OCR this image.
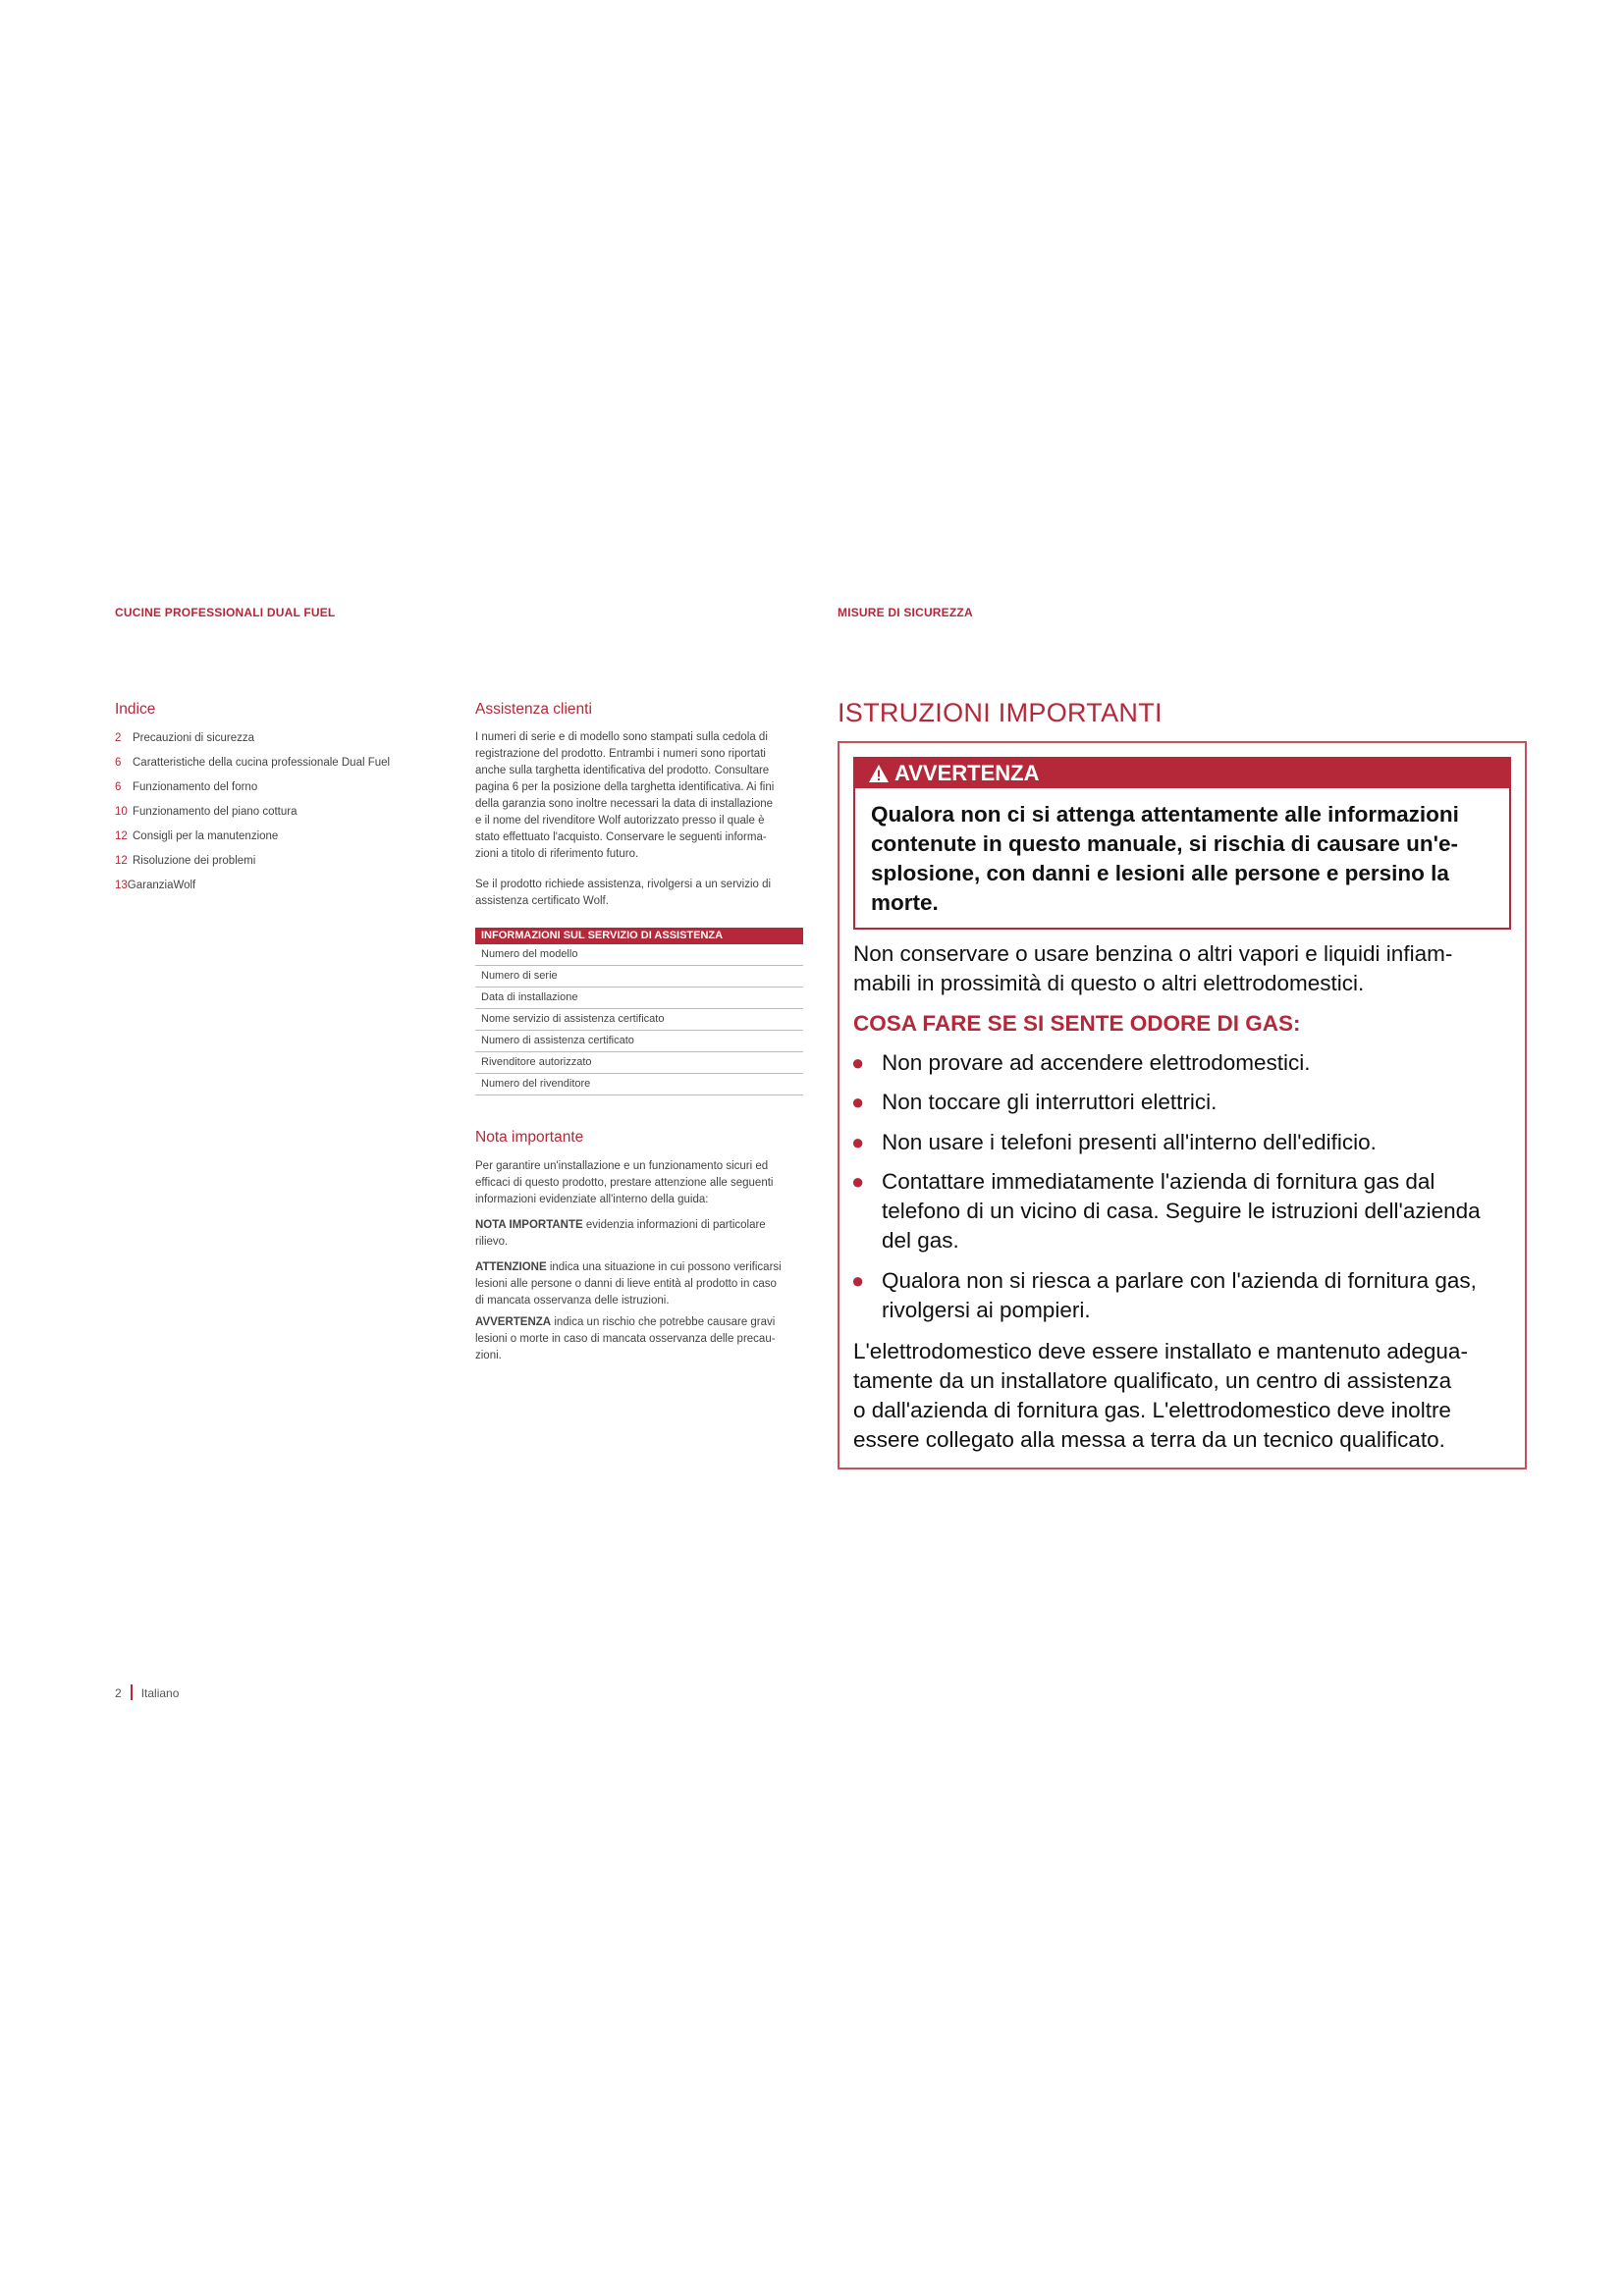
CUCINE PROFESSIONALI DUAL FUEL	MISURE DI SICUREZZA
Indice
2 Precauzioni di sicurezza
6 Caratteristiche della cucina professionale Dual Fuel
6 Funzionamento del forno
10 Funzionamento del piano cottura
12 Consigli per la manutenzione
12 Risoluzione dei problemi
13GaranziaWolf
Assistenza clienti
I numeri di serie e di modello sono stampati sulla cedola di
registrazione del prodotto. Entrambi i numeri sono riportati
anche sulla targhetta identificativa del prodotto. Consultare
pagina 6 per la posizione della targhetta identificativa. Ai fini
della garanzia sono inoltre necessari la data di installazione
e il nome del rivenditore Wolf autorizzato presso il quale è
stato effettuato l'acquisto. Conservare le seguenti informa-
zioni a titolo di riferimento futuro.
Se il prodotto richiede assistenza, rivolgersi a un servizio di
assistenza certificato Wolf.
INFORMAZIONI SUL SERVIZIO DI ASSISTENZA
Numero del modello
Numero di serie
Data di installazione
Nome servizio di assistenza certificato
Numero di assistenza certificato
Rivenditore autorizzato
Numero del rivenditore
Nota importante
Per garantire un'installazione e un funzionamento sicuri ed
efficaci di questo prodotto, prestare attenzione alle seguenti
informazioni evidenziate all'interno della guida:
NOTA IMPORTANTE evidenzia informazioni di particolare
rilievo.
ATTENZIONE indica una situazione in cui possono verificarsi
lesioni alle persone o danni di lieve entità al prodotto in caso
di mancata osservanza delle istruzioni.
AVVERTENZA indica un rischio che potrebbe causare gravi
lesioni o morte in caso di mancata osservanza delle precau-
zioni.
ISTRUZIONI IMPORTANTI
AVVERTENZA
Qualora non ci si attenga attentamente alle informazioni
contenute in questo manuale, si rischia di causare un'e-
splosione, con danni e lesioni alle persone e persino la
morte.
Non conservare o usare benzina o altri vapori e liquidi infiam-
mabili in prossimità di questo o altri elettrodomestici.
COSA FARE SE SI SENTE ODORE DI GAS:
● Non provare ad accendere elettrodomestici.
● Non toccare gli interruttori elettrici.
● Non usare i telefoni presenti all'interno dell'edificio.
● Contattare immediatamente l'azienda di fornitura gas dal
telefono di un vicino di casa. Seguire le istruzioni dell'azienda
del gas.
● Qualora non si riesca a parlare con l'azienda di fornitura gas,
rivolgersi ai pompieri.
L'elettrodomestico deve essere installato e mantenuto adegua-
tamente da un installatore qualificato, un centro di assistenza
o dall'azienda di fornitura gas. L'elettrodomestico deve inoltre
essere collegato alla messa a terra da un tecnico qualificato.
2 Italiano
